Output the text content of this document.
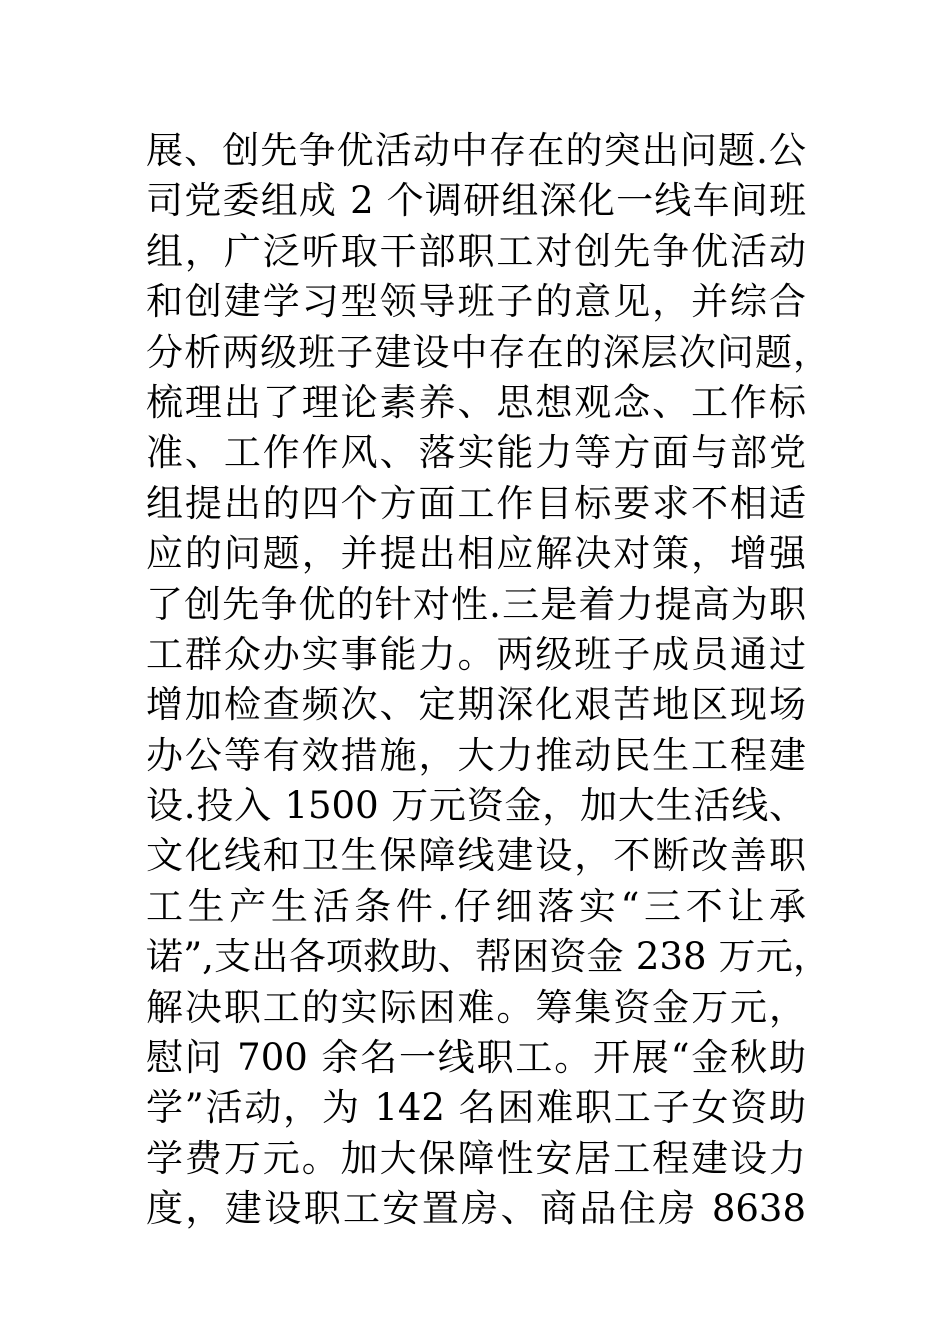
展、创先争优活动中存在的突出问题.公
司党委组成 2 个调研组深化一线车间班
组，广泛听取干部职工对创先争优活动
和创建学习型领导班子的意见，并综合
分析两级班子建设中存在的深层次问题，
梳理出了理论素养、思想观念、工作标
准、工作作风、落实能力等方面与部党
组提出的四个方面工作目标要求不相适
应的问题，并提出相应解决对策，增强
了创先争优的针对性.三是着力提高为职
工群众办实事能力。两级班子成员通过
增加检查频次、定期深化艰苦地区现场
办公等有效措施，大力推动民生工程建
设.投入 1500 万元资金，加大生活线、
文化线和卫生保障线建设，不断改善职
工生产生活条件.仔细落实“三不让承
诺”,支出各项救助、帮困资金 238 万元，
解决职工的实际困难。筹集资金万元，
慰问 700 余名一线职工。开展“金秋助
学”活动，为 142 名困难职工子女资助
学费万元。加大保障性安居工程建设力
度，建设职工安置房、商品住房 8638
